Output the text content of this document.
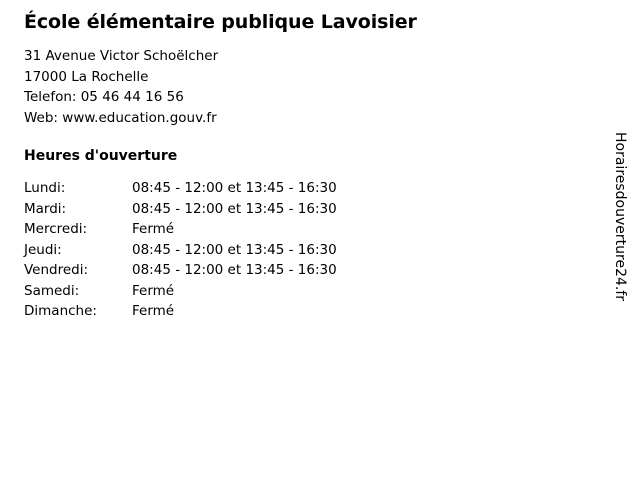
École élémentaire publique Lavoisier
31 Avenue Victor Schoëlcher
17000 La Rochelle
Telefon: 05 46 44 16 56
Web: www.education.gouv.fr
Heures d'ouverture
Lundi:	08:45 - 12:00 et 13:45 - 16:30
Mardi:	08:45 - 12:00 et 13:45 - 16:30
Mercredi:	Fermé
Jeudi:	08:45 - 12:00 et 13:45 - 16:30
Vendredi:	08:45 - 12:00 et 13:45 - 16:30
Samedi:	Fermé
Dimanche:	Fermé
Horairesdouverture24.fr
